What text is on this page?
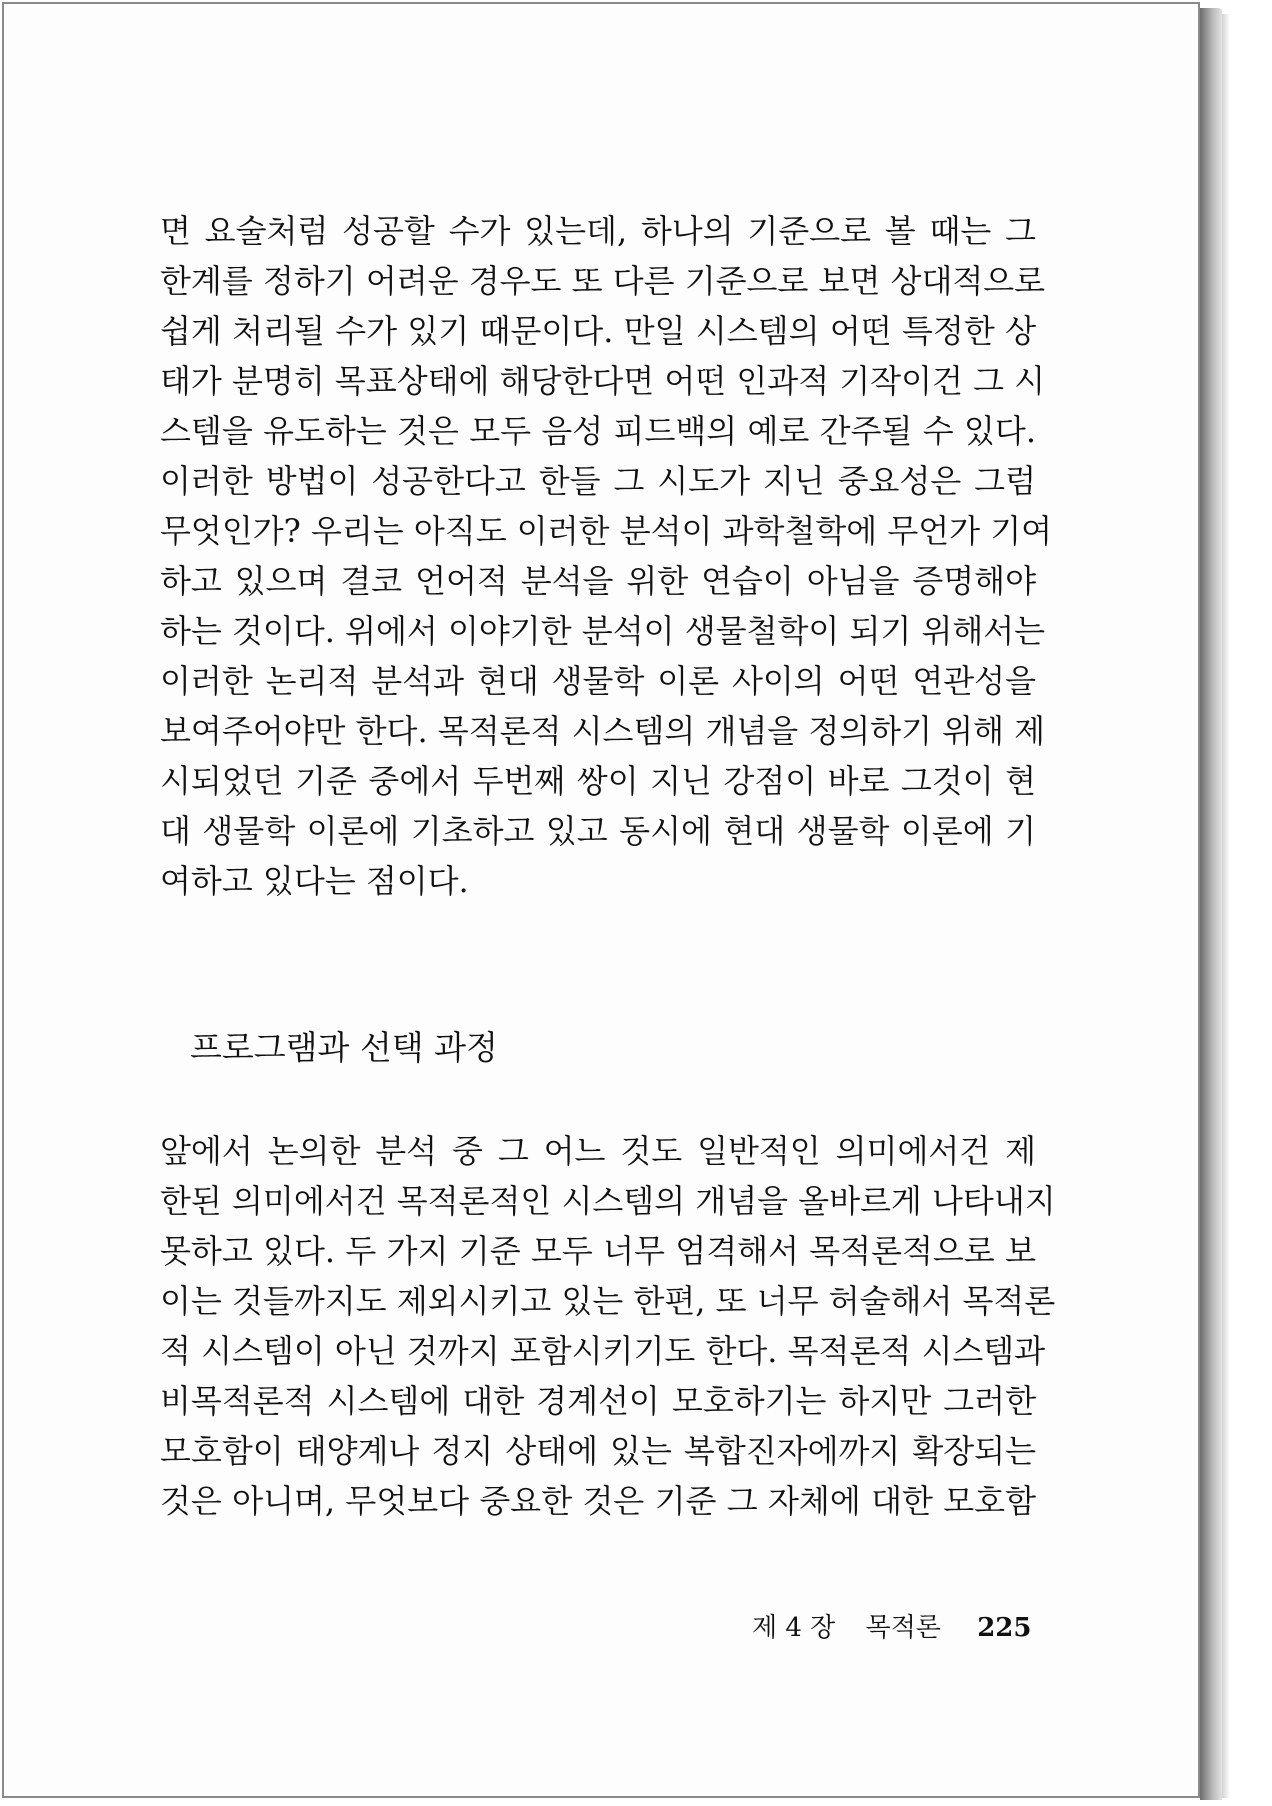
면 요술처럼 성공할 수가 있는데, 하나의 기준으로 볼 때는 그
한계를 정하기 어려운 경우도 또 다른 기준으로 보면 상대적으로
쉽게 처리될 수가 있기 때문이다. 만일 시스템의 어떤 특정한 상
태가 분명히 목표상태에 해당한다면 어떤 인과적 기작이건 그 시
스템을 유도하는 것은 모두 음성 피드백의 예로 간주될 수 있다.
이러한 방법이 성공한다고 한들 그 시도가 지닌 중요성은 그럼
무엇인가? 우리는 아직도 이러한 분석이 과학철학에 무언가 기여
하고 있으며 결코 언어적 분석을 위한 연습이 아님을 증명해야
하는 것이다. 위에서 이야기한 분석이 생물철학이 되기 위해서는
이러한 논리적 분석과 현대 생물학 이론 사이의 어떤 연관성을
보여주어야만 한다. 목적론적 시스템의 개념을 정의하기 위해 제
시되었던 기준 중에서 두번째 쌍이 지닌 강점이 바로 그것이 현
대 생물학 이론에 기초하고 있고 동시에 현대 생물학 이론에 기
여하고 있다는 점이다.
프로그램과 선택 과정
앞에서 논의한 분석 중 그 어느 것도 일반적인 의미에서건 제
한된 의미에서건 목적론적인 시스템의 개념을 올바르게 나타내지
못하고 있다. 두 가지 기준 모두 너무 엄격해서 목적론적으로 보
이는 것들까지도 제외시키고 있는 한편, 또 너무 허술해서 목적론
적 시스템이 아닌 것까지 포함시키기도 한다. 목적론적 시스템과
비목적론적 시스템에 대한 경계선이 모호하기는 하지만 그러한
모호함이 태양계나 정지 상태에 있는 복합진자에까지 확장되는
것은 아니며, 무엇보다 중요한 것은 기준 그 자체에 대한 모호함
제 4 장 목적론 225
